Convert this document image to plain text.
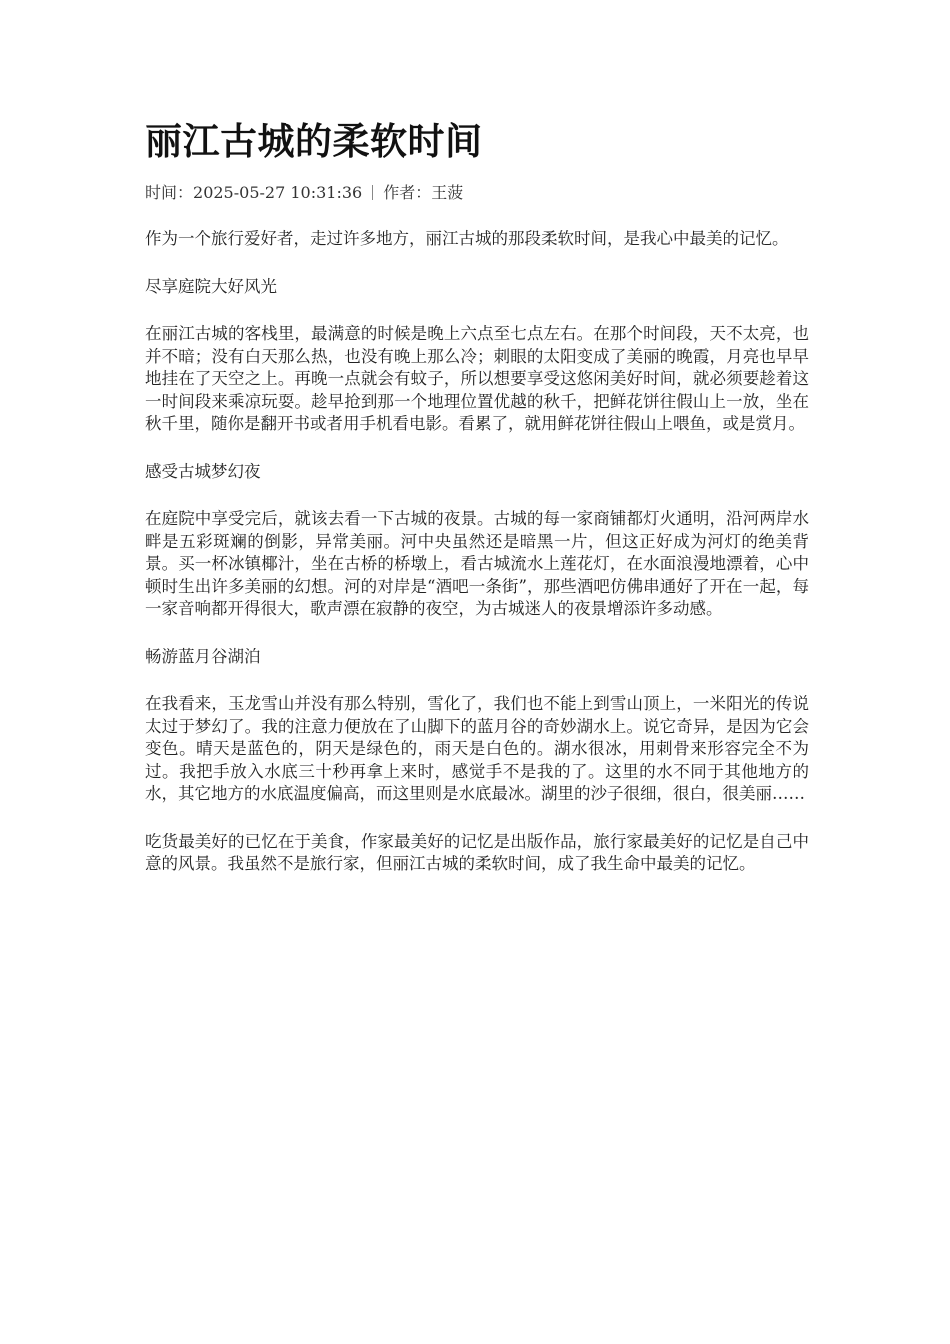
丽江古城的柔软时间
时间：2025-05-27 10:31:36 作者：王菠

作为一个旅行爱好者，走过许多地方，丽江古城的那段柔软时间，是我心中最美的记忆。

尽享庭院大好风光

在丽江古城的客栈里，最满意的时候是晚上六点至七点左右。在那个时间段，天不太亮，也并不暗；没有白天那么热，也没有晚上那么冷；刺眼的太阳变成了美丽的晚霞，月亮也早早地挂在了天空之上。再晚一点就会有蚊子，所以想要享受这悠闲美好时间，就必须要趁着这一时间段来乘凉玩耍。趁早抢到那一个地理位置优越的秋千，把鲜花饼往假山上一放，坐在秋千里，随你是翻开书或者用手机看电影。看累了，就用鲜花饼往假山上喂鱼，或是赏月。

感受古城梦幻夜

在庭院中享受完后，就该去看一下古城的夜景。古城的每一家商铺都灯火通明，沿河两岸水畔是五彩斑斓的倒影，异常美丽。河中央虽然还是暗黑一片，但这正好成为河灯的绝美背景。买一杯冰镇椰汁，坐在古桥的桥墩上，看古城流水上莲花灯，在水面浪漫地漂着，心中顿时生出许多美丽的幻想。河的对岸是“酒吧一条街”，那些酒吧仿佛串通好了开在一起，每一家音响都开得很大，歌声漂在寂静的夜空，为古城迷人的夜景增添许多动感。

畅游蓝月谷湖泊

在我看来，玉龙雪山并没有那么特别，雪化了，我们也不能上到雪山顶上，一米阳光的传说太过于梦幻了。我的注意力便放在了山脚下的蓝月谷的奇妙湖水上。说它奇异，是因为它会变色。晴天是蓝色的，阴天是绿色的，雨天是白色的。湖水很冰，用刺骨来形容完全不为过。我把手放入水底三十秒再拿上来时，感觉手不是我的了。这里的水不同于其他地方的水，其它地方的水底温度偏高，而这里则是水底最冰。湖里的沙子很细，很白，很美丽……

吃货最美好的已忆在于美食，作家最美好的记忆是出版作品，旅行家最美好的记忆是自己中意的风景。我虽然不是旅行家，但丽江古城的柔软时间，成了我生命中最美的记忆。
